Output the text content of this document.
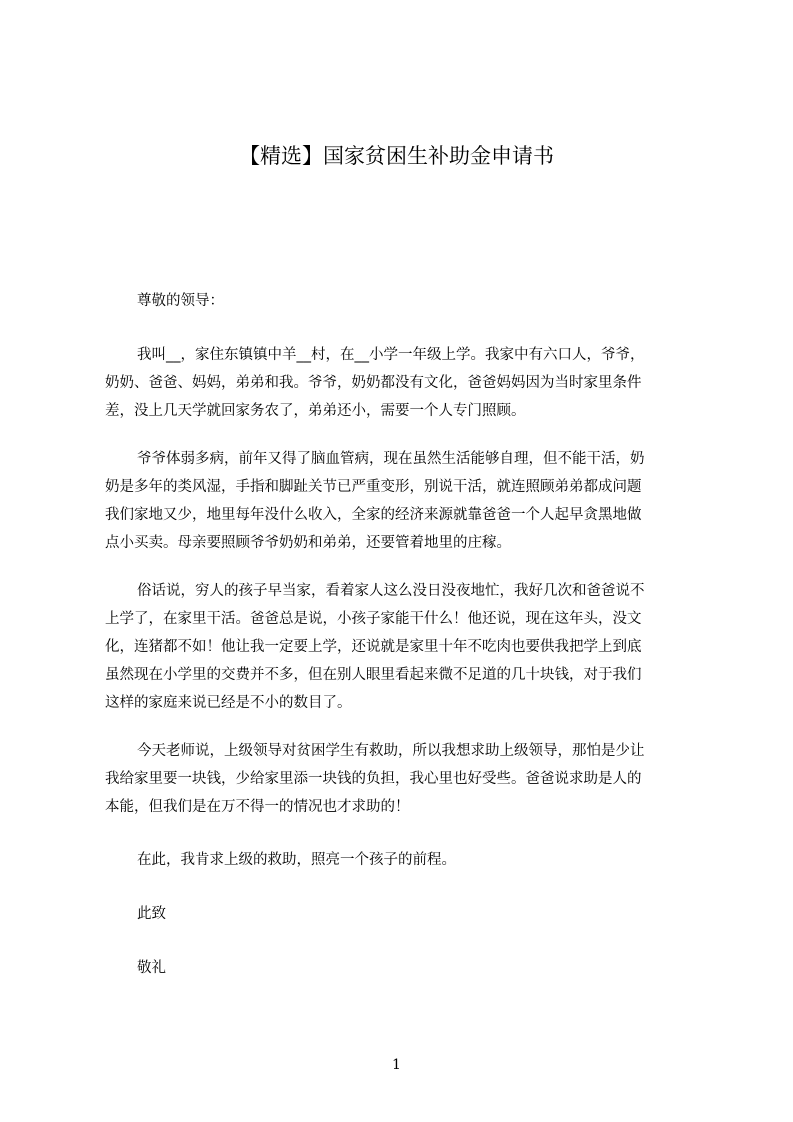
【精选】国家贫困生补助金申请书
尊敬的领导：
我叫__，家住东镇镇中羊__村，在__小学一年级上学。我家中有六口人，爷爷，
奶奶、爸爸、妈妈，弟弟和我。爷爷，奶奶都没有文化，爸爸妈妈因为当时家里条件
差，没上几天学就回家务农了，弟弟还小，需要一个人专门照顾。
爷爷体弱多病，前年又得了脑血管病，现在虽然生活能够自理，但不能干活，奶
奶是多年的类风湿，手指和脚趾关节已严重变形，别说干活，就连照顾弟弟都成问题
我们家地又少，地里每年没什么收入，全家的经济来源就靠爸爸一个人起早贪黑地做
点小买卖。母亲要照顾爷爷奶奶和弟弟，还要管着地里的庄稼。
俗话说，穷人的孩子早当家，看着家人这么没日没夜地忙，我好几次和爸爸说不
上学了，在家里干活。爸爸总是说，小孩子家能干什么！他还说，现在这年头，没文
化，连猪都不如！他让我一定要上学，还说就是家里十年不吃肉也要供我把学上到底
虽然现在小学里的交费并不多，但在别人眼里看起来微不足道的几十块钱，对于我们
这样的家庭来说已经是不小的数目了。
今天老师说，上级领导对贫困学生有救助，所以我想求助上级领导，那怕是少让
我给家里要一块钱，少给家里添一块钱的负担，我心里也好受些。爸爸说求助是人的
本能，但我们是在万不得一的情况也才求助的！
在此，我肯求上级的救助，照亮一个孩子的前程。
此致
敬礼
1
